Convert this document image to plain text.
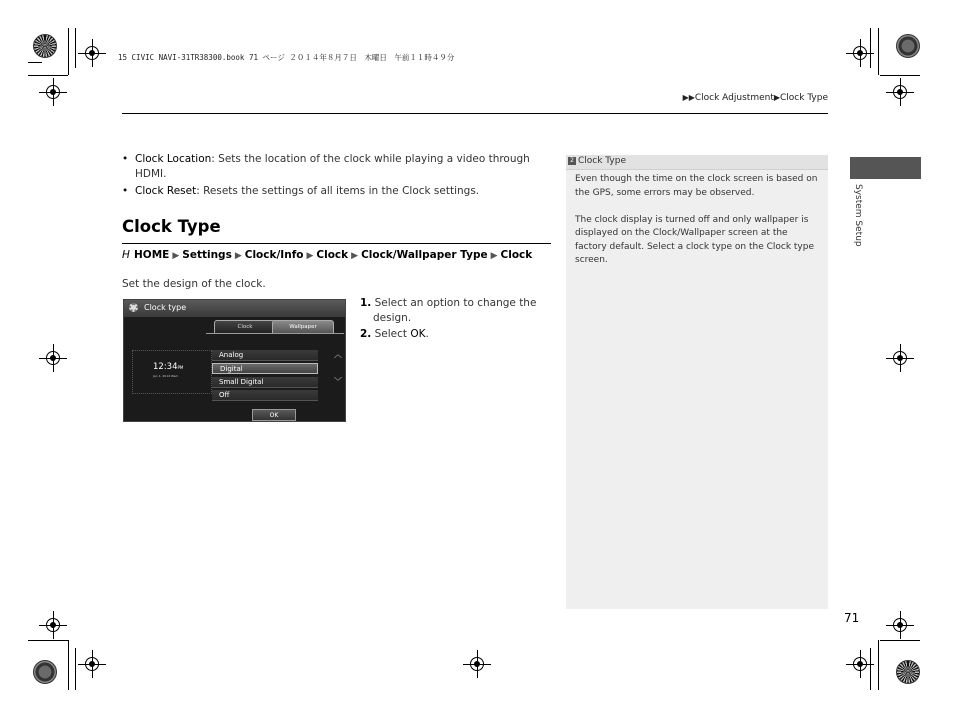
15 CIVIC NAVI-31TR38300.book 71 ページ ２０１４年８月７日　木曜日　午前１１時４９分
▶▶Clock Adjustment▶Clock Type
• Clock Location: Sets the location of the clock while playing a video through HDMI.
• Clock Reset: Resets the settings of all items in the Clock settings.
Clock Type
H HOME ▶ Settings ▶ Clock/Info ▶ Clock ▶ Clock/Wallpaper Type ▶ Clock
Set the design of the clock.
Clock type
Clock	Wallpaper
12:34PM
Jan 1, 2014 Wed
Analog
Digital
Small Digital
Off
︿
﹀
OK
1. Select an option to change the design.
2. Select OK.
2 Clock Type

Even though the time on the clock screen is based on the GPS, some errors may be observed.

The clock display is turned off and only wallpaper is displayed on the Clock/Wallpaper screen at the factory default. Select a clock type on the Clock type screen.

System Setup
71
